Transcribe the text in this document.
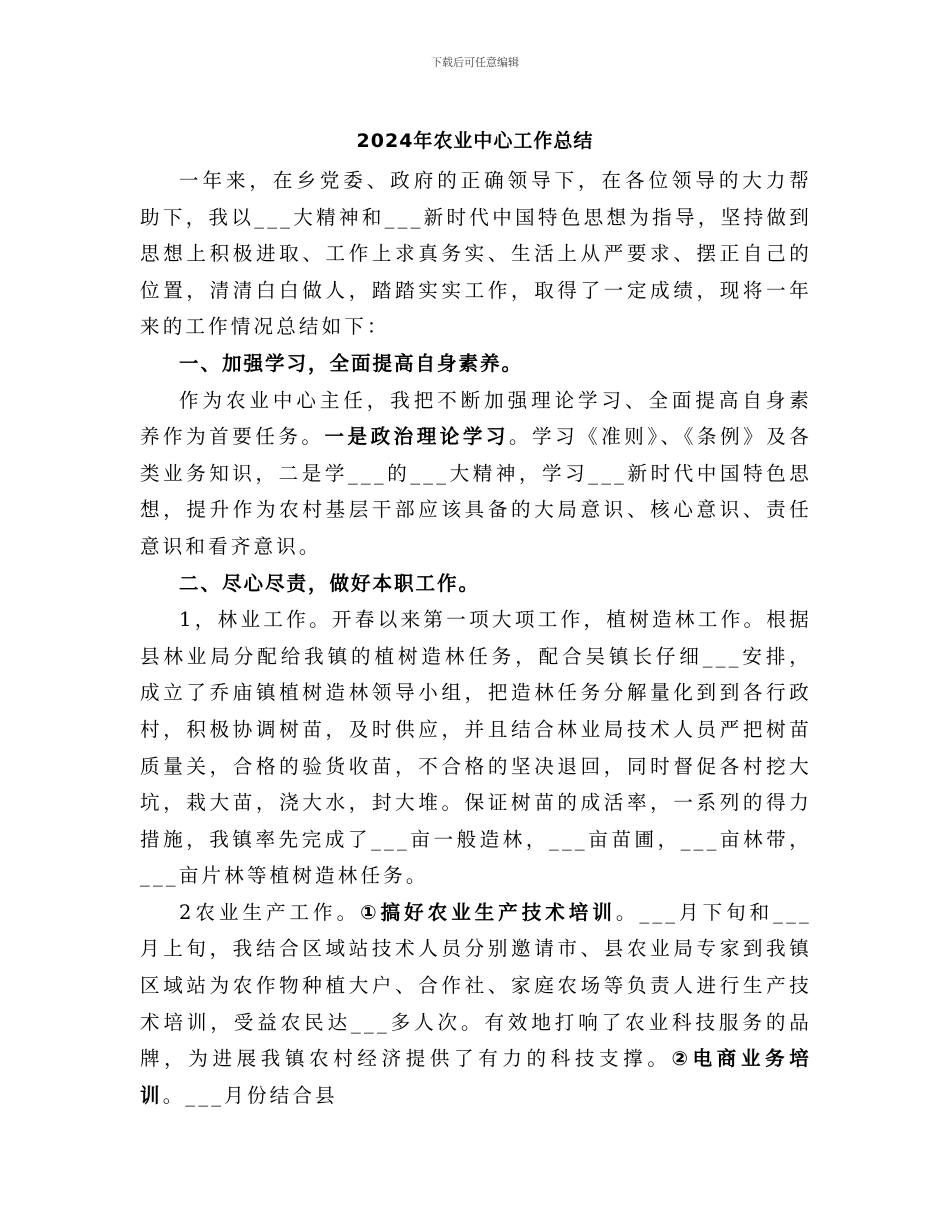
下载后可任意编辑
2024年农业中心工作总结

一年来，在乡党委、政府的正确领导下，在各位领导的大力帮助下，我以___大精神和___新时代中国特色思想为指导，坚持做到思想上积极进取、工作上求真务实、生活上从严要求、摆正自己的位置，清清白白做人，踏踏实实工作，取得了一定成绩，现将一年来的工作情况总结如下：

一、加强学习，全面提高自身素养。

作为农业中心主任，我把不断加强理论学习、全面提高自身素养作为首要任务。一是政治理论学习。学习《准则》、《条例》及各类业务知识，二是学___的___大精神，学习___新时代中国特色思想，提升作为农村基层干部应该具备的大局意识、核心意识、责任意识和看齐意识。

二、尽心尽责，做好本职工作。

1，林业工作。开春以来第一项大项工作，植树造林工作。根据县林业局分配给我镇的植树造林任务，配合吴镇长仔细___安排，成立了乔庙镇植树造林领导小组，把造林任务分解量化到到各行政村，积极协调树苗，及时供应，并且结合林业局技术人员严把树苗质量关，合格的验货收苗，不合格的坚决退回，同时督促各村挖大坑，栽大苗，浇大水，封大堆。保证树苗的成活率，一系列的得力措施，我镇率先完成了___亩一般造林，___亩苗圃，___亩林带，___亩片林等植树造林任务。

2农业生产工作。①搞好农业生产技术培训。___月下旬和___月上旬，我结合区域站技术人员分别邀请市、县农业局专家到我镇区域站为农作物种植大户、合作社、家庭农场等负责人进行生产技术培训，受益农民达___多人次。有效地打响了农业科技服务的品牌，为进展我镇农村经济提供了有力的科技支撑。②电商业务培训。___月份结合县
